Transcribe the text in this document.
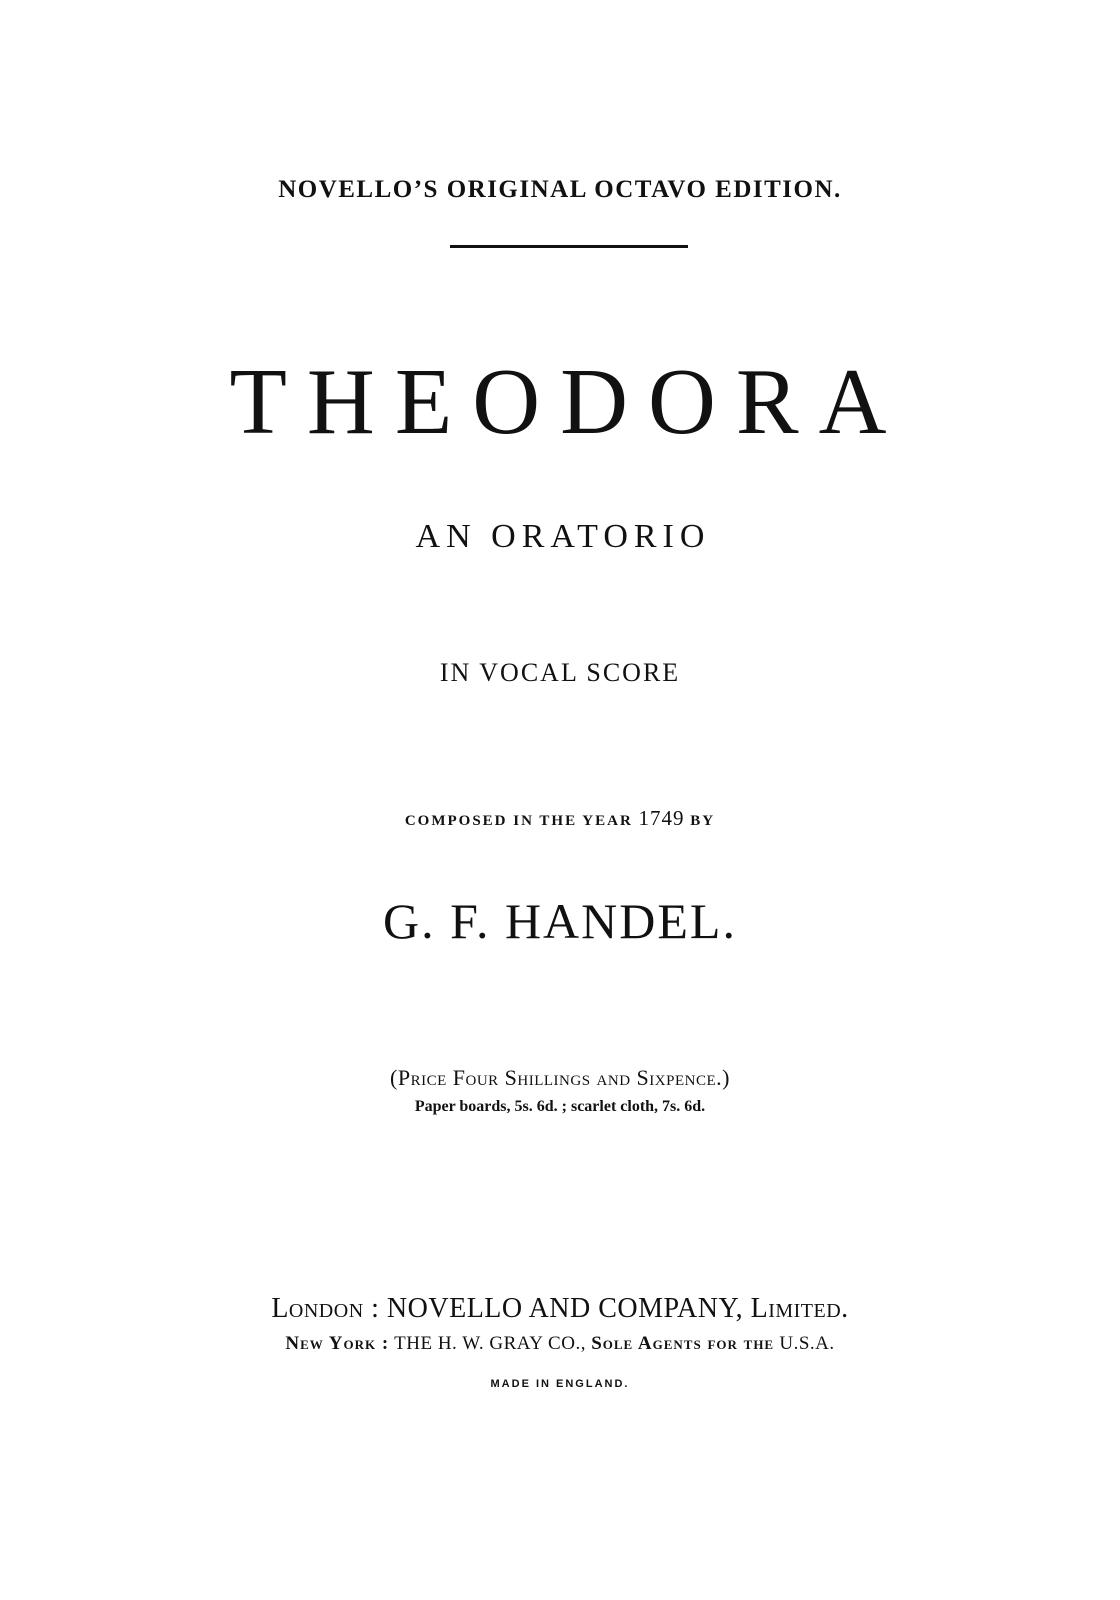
NOVELLO’S ORIGINAL OCTAVO EDITION.
THEODORA
AN ORATORIO
IN VOCAL SCORE
COMPOSED IN THE YEAR 1749 BY
G. F. HANDEL.
(Price Four Shillings and Sixpence.)
Paper boards, 5s. 6d. ; scarlet cloth, 7s. 6d.
London : NOVELLO AND COMPANY, Limited.
New York : THE H. W. GRAY CO., Sole Agents for the U.S.A.
MADE IN ENGLAND.
